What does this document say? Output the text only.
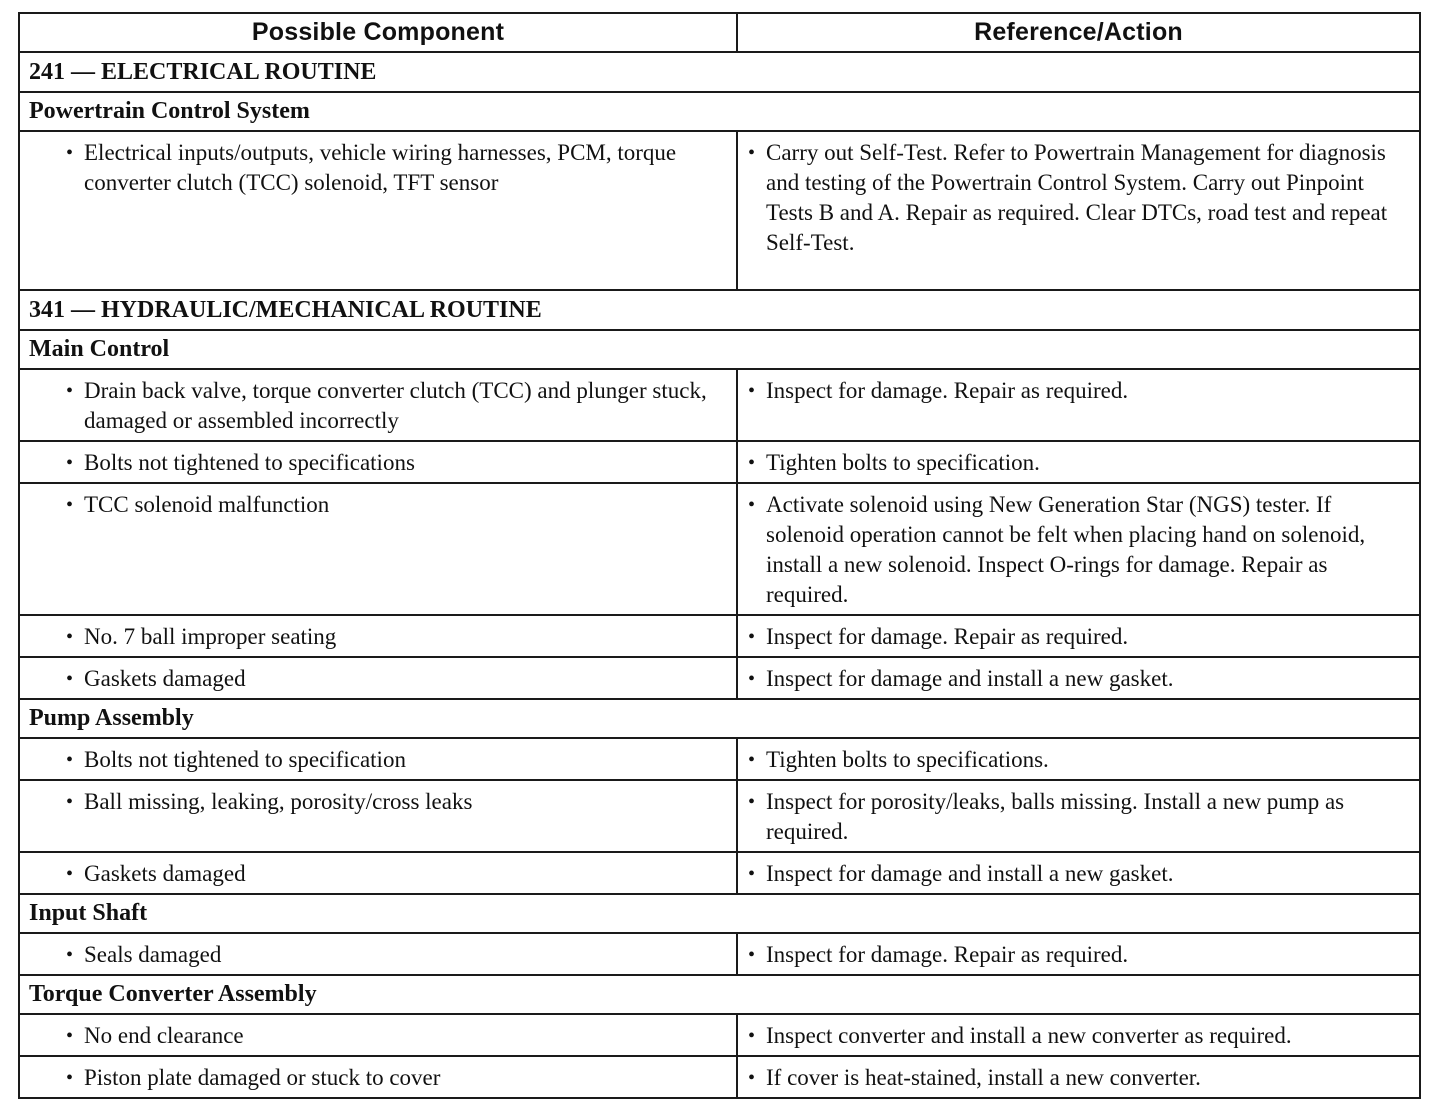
Possible Component	Reference/Action
241 — ELECTRICAL ROUTINE	
Powertrain Control System	

• Electrical inputs/outputs, vehicle wiring harnesses, PCM, torque converter clutch (TCC) solenoid, TFT sensor	• Carry out Self-Test. Refer to Powertrain Management for diagnosis and testing of the Powertrain Control System. Carry out Pinpoint Tests B and A. Repair as required. Clear DTCs, road test and repeat Self-Test.

341 — HYDRAULIC/MECHANICAL ROUTINE	
Main Control	

• Drain back valve, torque converter clutch (TCC) and plunger stuck, damaged or assembled incorrectly	• Inspect for damage. Repair as required.

• Bolts not tightened to specifications	• Tighten bolts to specification.

• TCC solenoid malfunction	• Activate solenoid using New Generation Star (NGS) tester. If solenoid operation cannot be felt when placing hand on solenoid, install a new solenoid. Inspect O-rings for damage. Repair as required.

• No. 7 ball improper seating	• Inspect for damage. Repair as required.

• Gaskets damaged	• Inspect for damage and install a new gasket.

Pump Assembly	

• Bolts not tightened to specification	• Tighten bolts to specifications.

• Ball missing, leaking, porosity/cross leaks	• Inspect for porosity/leaks, balls missing. Install a new pump as required.

• Gaskets damaged	• Inspect for damage and install a new gasket.

Input Shaft	

• Seals damaged	• Inspect for damage. Repair as required.

Torque Converter Assembly	

• No end clearance	• Inspect converter and install a new converter as required.

• Piston plate damaged or stuck to cover	• If cover is heat-stained, install a new converter.
